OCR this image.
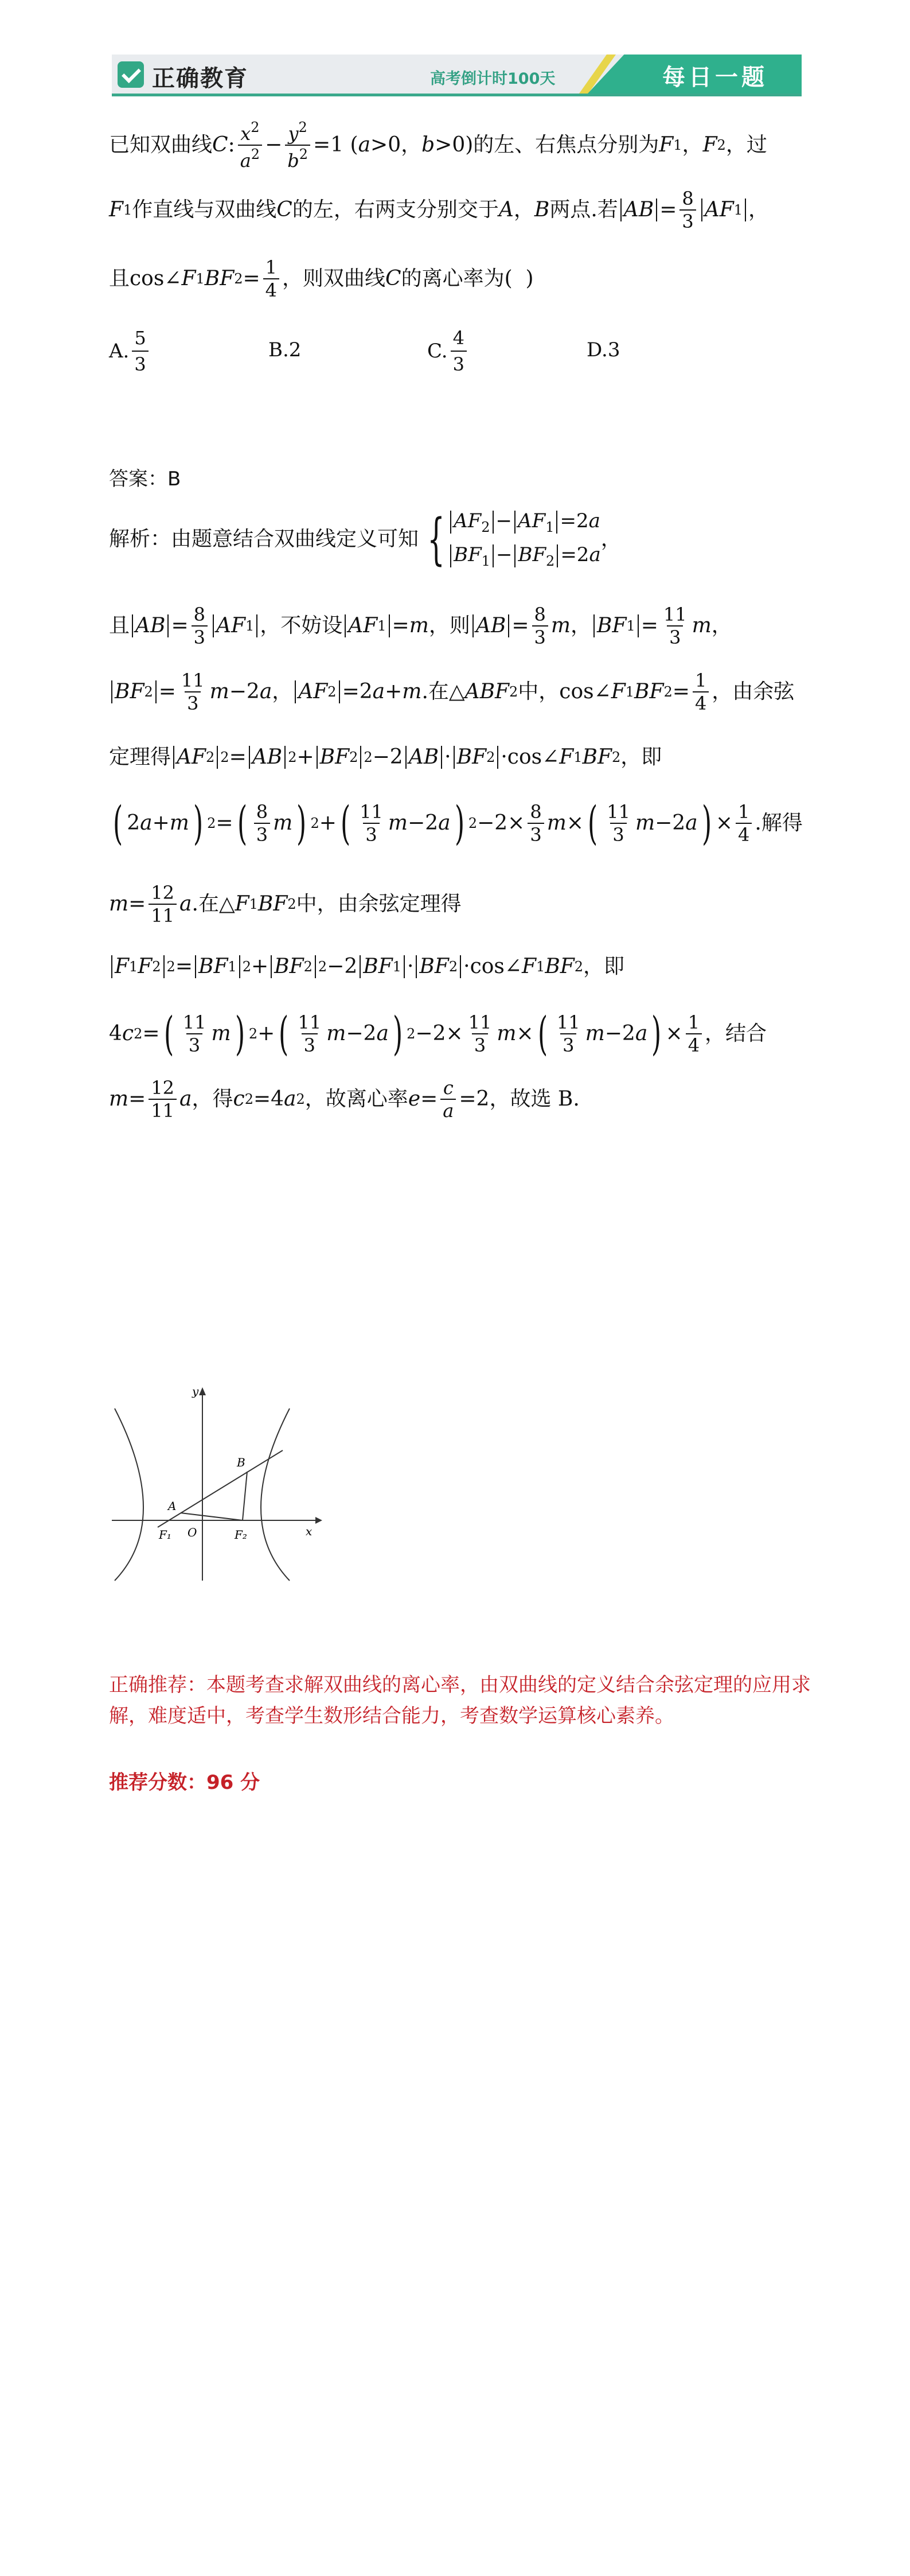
正确教育	高考倒计时100天	每日一题
已知双曲线 C : $\frac{x^2}{a^2} - \frac{y^2}{b^2} =1$ ( a >0， b >0)的左、右焦点分别为 F 1 ， F 2 ，过
F 1 作直线与双曲线 C 的左，右两支分别交于 A ， B 两点.若 AB = $\frac{8}{3}$ AF 1 ，
且cos∠ F 1 BF $2 = \frac{1}{4}$ ，则双曲线 C 的离心率为(  )
A. $\frac{5}{3}$	B.2	C. $\frac{4}{3}$	D.3
答案：B
解析：由题意结合双曲线定义可知 { $AF_2 - AF_1 =2a$
$BF_1 - BF_2 =2a$
，
且 AB = $\frac{8}{3}$ AF 1 ，不妨设 AF 1 = m ，则 AB = $\frac{8}{3}$ m ， BF $1 = \frac{11}{3}$ m ，
BF $2 = \frac{11}{3}$ m −2 a ， AF 2 =2 a + m .在△ ABF 2 中，cos∠ F 1 BF $2 = \frac{1}{4}$ ，由余弦
定理得 AF 2 2 = AB 2 + BF 2 2 −2 AB · BF 2 ·cos∠ F 1 BF 2 ，即
( 2 a + m ) 2 = ( $\frac{8}{3}$ m ) 2 + ( $\frac{11}{3}$ m −2 a ) $2 -2\times \frac{8}{3}$ m × ( $\frac{11}{3}$ m −2 a ) × $\frac{1}{4}$ .解得
$m = \frac{12}{11}$ a .在△ F 1 BF 2 中，由余弦定理得
F 1 F 2 2 = BF 1 2 + BF 2 2 −2 BF 1 · BF 2 ·cos∠ F 1 BF 2 ，即
4 c 2 = ( $\frac{11}{3}$ m ) 2 + ( $\frac{11}{3}$ m −2 a ) $2 -2\times \frac{11}{3}$ m × ( $\frac{11}{3}$ m −2 a ) × $\frac{1}{4}$ ，结合
$m = \frac{12}{11}$ a ，得 c 2 =4 a 2 ，故离心率 $e = \frac{c}{a} =2$，故选 B.
y
x
O
A
B
F₁	F₂
正确推荐：本题考查求解双曲线的离心率，由双曲线的定义结合余弦定理的应用求解，难度适中，考查学生数形结合能力，考查数学运算核心素养。
推荐分数：96 分
